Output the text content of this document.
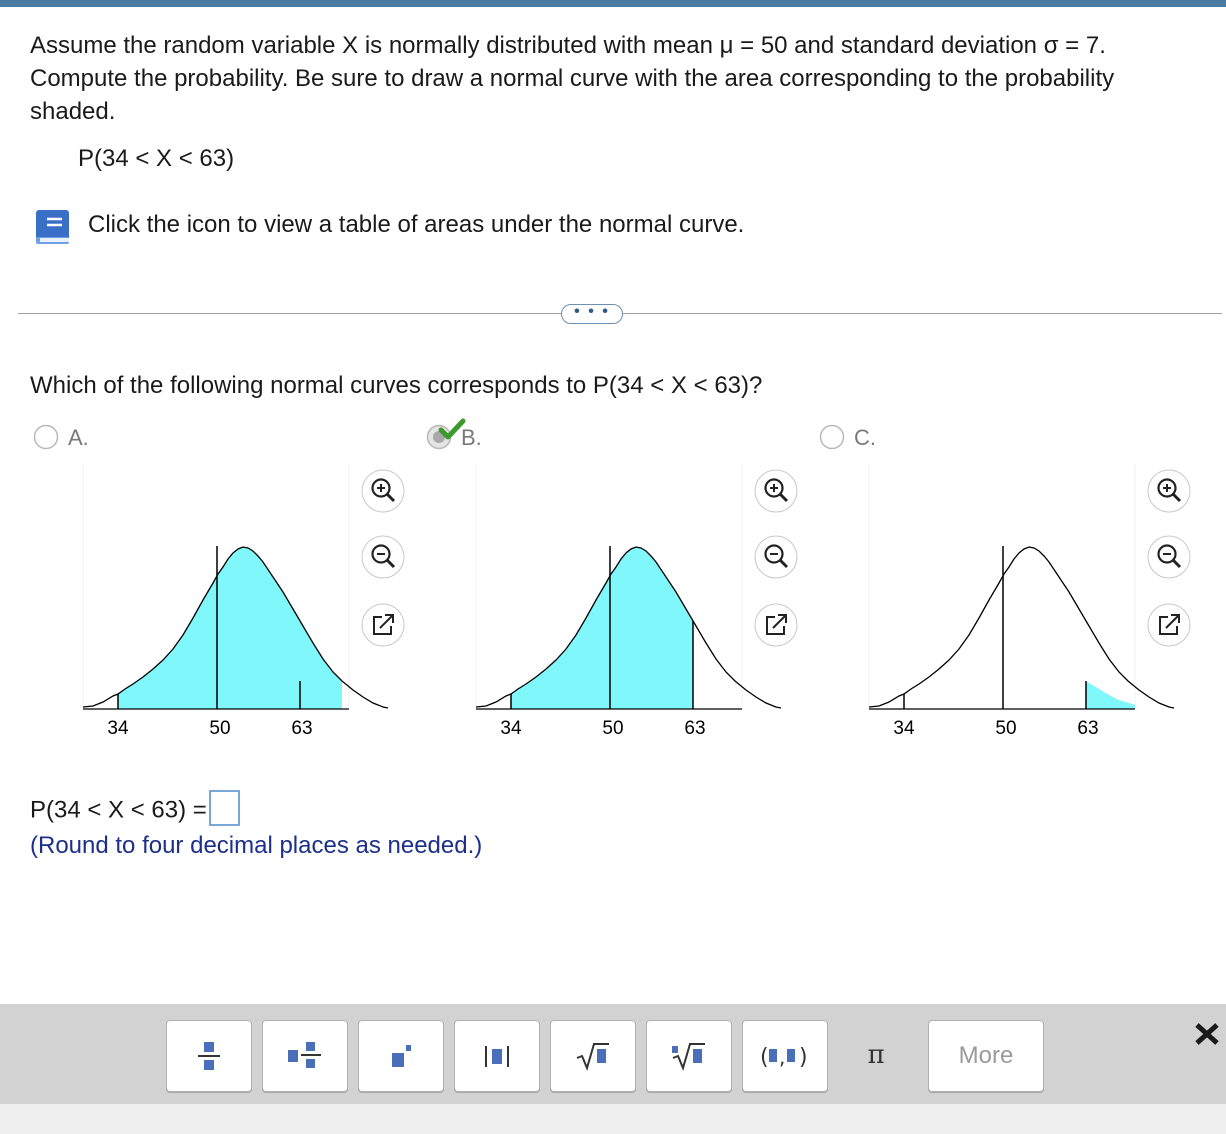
Assume the random variable X is normally distributed with mean μ = 50 and standard deviation σ = 7.
Compute the probability. Be sure to draw a normal curve with the area corresponding to the probability
shaded.
P(34 < X < 63)
Click the icon to view a table of areas under the normal curve.
• • •
Which of the following normal curves corresponds to P(34 < X < 63)?
A.
34	50	63
B.
34	50	63
C.
34	50	63
P(34 < X < 63) =
(Round to four decimal places as needed.)
( , )	π	More
